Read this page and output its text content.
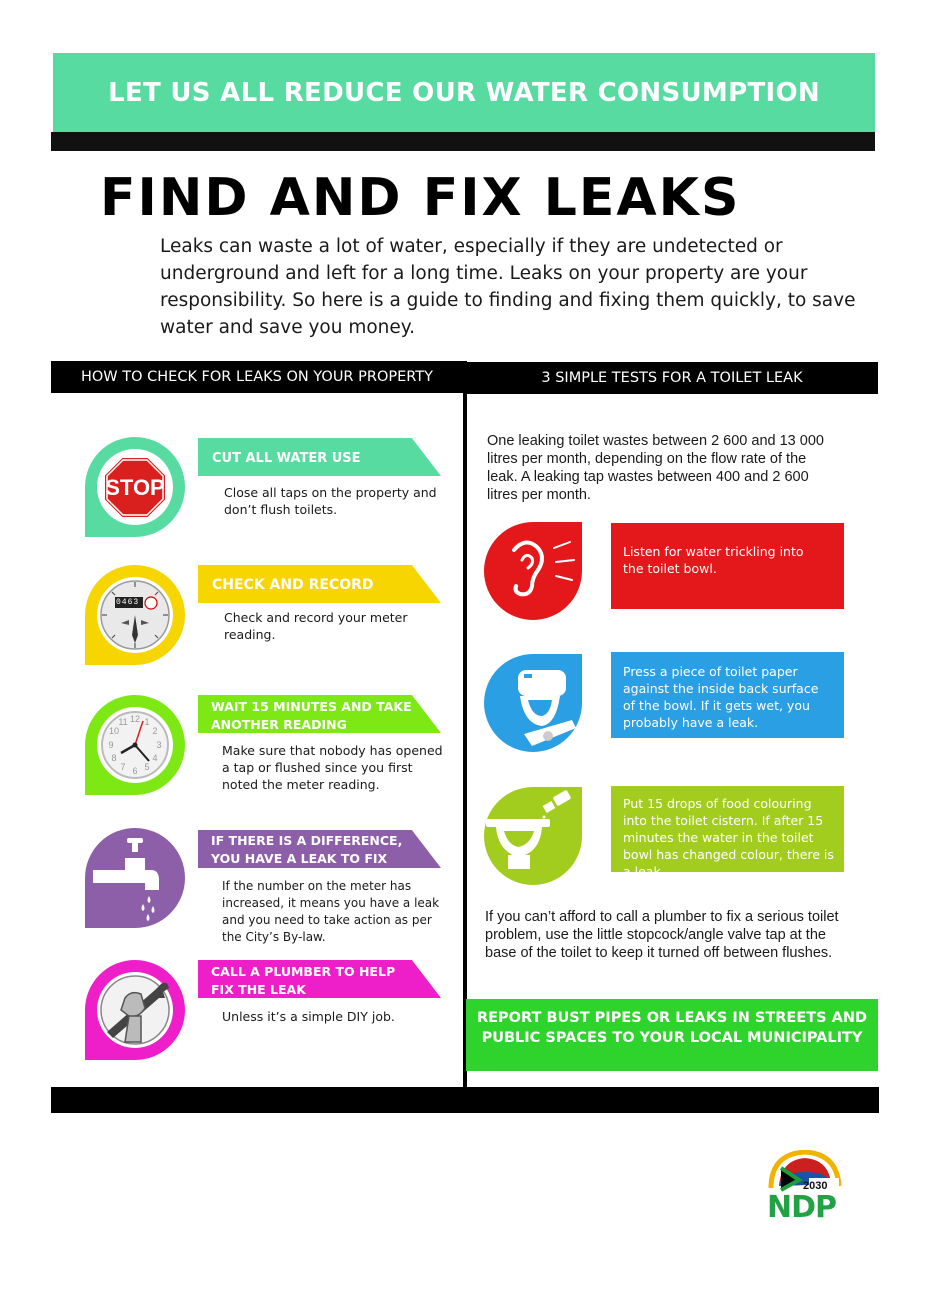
LET US ALL REDUCE OUR WATER CONSUMPTION
FIND AND FIX LEAKS
Leaks can waste a lot of water, especially if they are undetected or underground and left for a long time. Leaks on your property are your responsibility. So here is a guide to finding and fixing them quickly, to save water and save you money.
HOW TO CHECK FOR LEAKS ON YOUR PROPERTY	3 SIMPLE TESTS FOR A TOILET LEAK
STOP
CUT ALL WATER USE
Close all taps on the property and don’t flush toilets.
0463
CHECK AND RECORD
Check and record your meter reading.
12 1
2
3
4
5
6
7
8
9
10
11
WAIT 15 MINUTES AND TAKE
ANOTHER READING
Make sure that nobody has opened a tap or flushed since you first noted the meter reading.
IF THERE IS A DIFFERENCE,
YOU HAVE A LEAK TO FIX
If the number on the meter has increased, it means you have a leak and you need to take action as per the City’s By-law.
CALL A PLUMBER TO HELP
FIX THE LEAK
Unless it’s a simple DIY job.
One leaking toilet wastes between 2 600 and 13 000 litres per month, depending on the flow rate of the leak. A leaking tap wastes between 400 and 2 600 litres per month.
Listen for water trickling into the toilet bowl.
Press a piece of toilet paper against the inside back surface of the bowl. If it gets wet, you probably have a leak.
Put 15 drops of food colouring into the toilet cistern. If after 15 minutes the water in the toilet bowl has changed colour, there is a leak.
If you can’t afford to call a plumber to fix a serious toilet problem, use the little stopcock/angle valve tap at the base of the toilet to keep it turned off between flushes.
REPORT BUST PIPES OR LEAKS IN STREETS AND PUBLIC SPACES TO YOUR LOCAL MUNICIPALITY
2030
NDP
